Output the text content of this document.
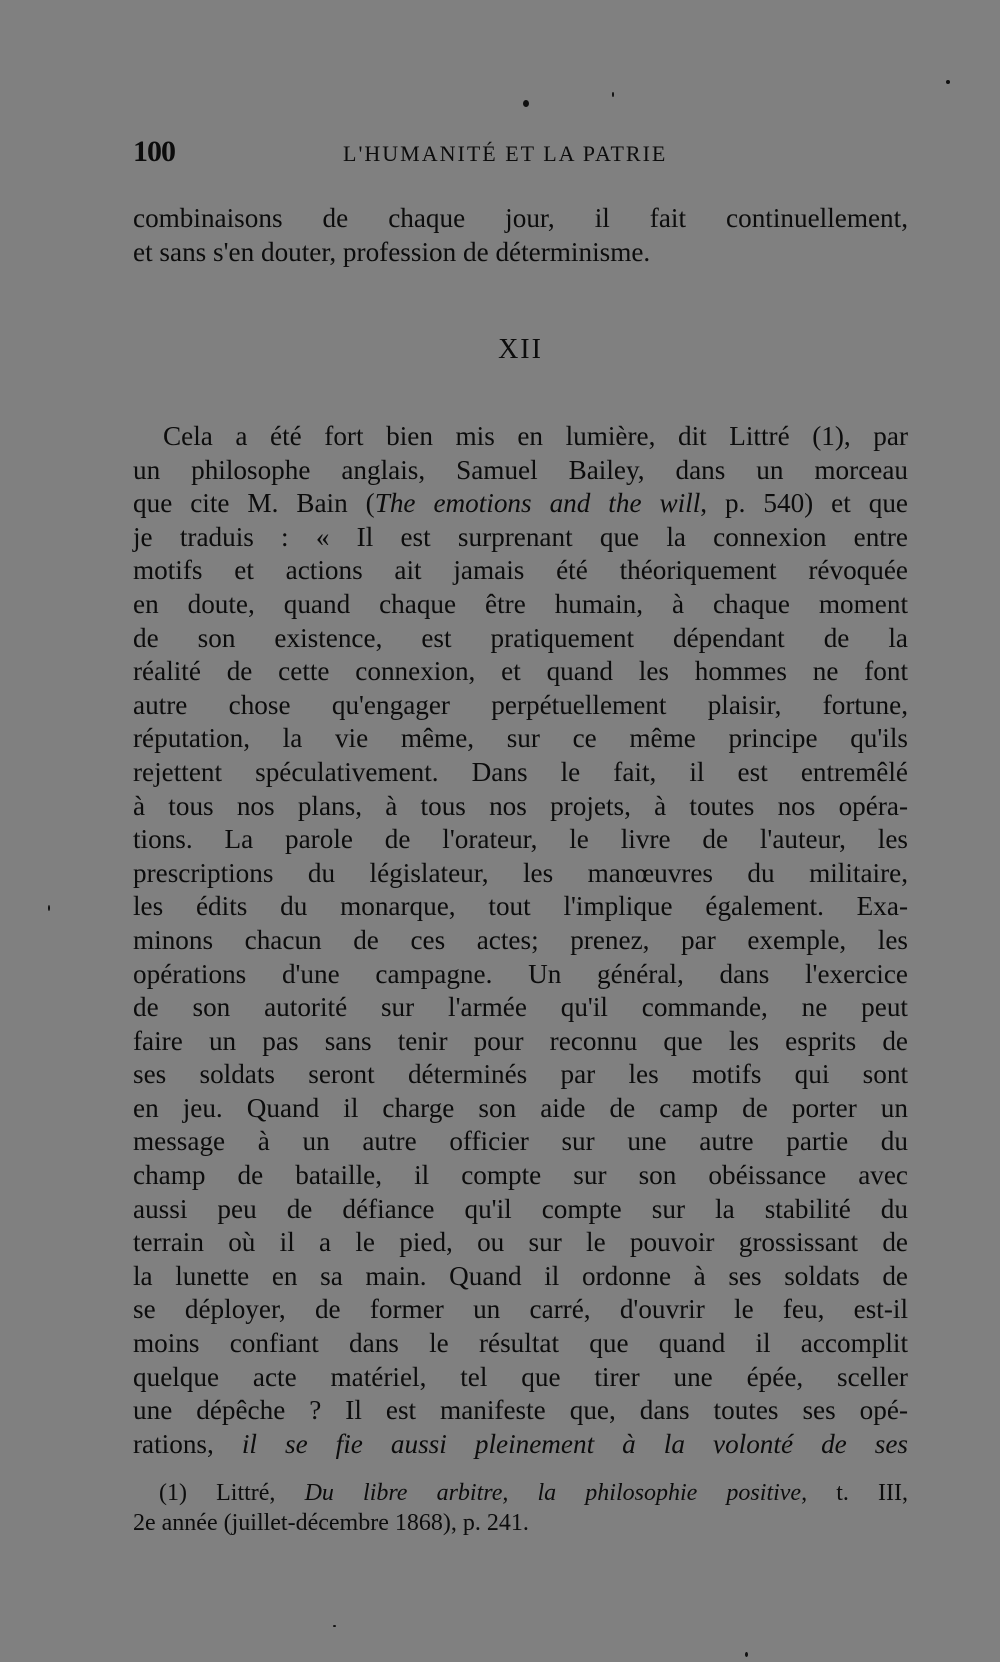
100	L'HUMANITÉ ET LA PATRIE
combinaisons de chaque jour, il fait continuellement,
et sans s'en douter, profession de déterminisme.
XII
Cela a été fort bien mis en lumière, dit Littré (1), par
un philosophe anglais, Samuel Bailey, dans un morceau
que cite M. Bain (The emotions and the will, p. 540) et que
je traduis : « Il est surprenant que la connexion entre
motifs et actions ait jamais été théoriquement révoquée
en doute, quand chaque être humain, à chaque moment
de son existence, est pratiquement dépendant de la
réalité de cette connexion, et quand les hommes ne font
autre chose qu'engager perpétuellement plaisir, fortune,
réputation, la vie même, sur ce même principe qu'ils
rejettent spéculativement. Dans le fait, il est entremêlé
à tous nos plans, à tous nos projets, à toutes nos opéra-
tions. La parole de l'orateur, le livre de l'auteur, les
prescriptions du législateur, les manœuvres du militaire,
les édits du monarque, tout l'implique également. Exa-
minons chacun de ces actes; prenez, par exemple, les
opérations d'une campagne. Un général, dans l'exercice
de son autorité sur l'armée qu'il commande, ne peut
faire un pas sans tenir pour reconnu que les esprits de
ses soldats seront déterminés par les motifs qui sont
en jeu. Quand il charge son aide de camp de porter un
message à un autre officier sur une autre partie du
champ de bataille, il compte sur son obéissance avec
aussi peu de défiance qu'il compte sur la stabilité du
terrain où il a le pied, ou sur le pouvoir grossissant de
la lunette en sa main. Quand il ordonne à ses soldats de
se déployer, de former un carré, d'ouvrir le feu, est-il
moins confiant dans le résultat que quand il accomplit
quelque acte matériel, tel que tirer une épée, sceller
une dépêche ? Il est manifeste que, dans toutes ses opé-
rations, il se fie aussi pleinement à la volonté de ses
(1) Littré, Du libre arbitre, la philosophie positive, t. III,
2e année (juillet-décembre 1868), p. 241.
